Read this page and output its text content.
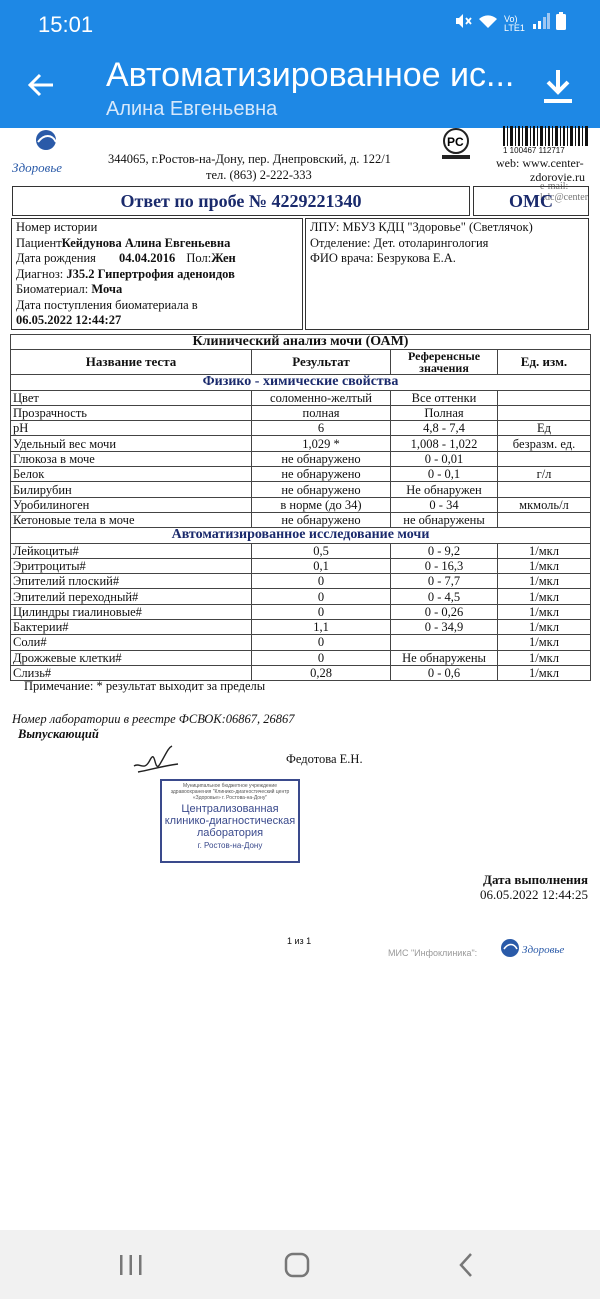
15:01	Vo) LTE1
Автоматизированное ис...
Алина Евгеньевна
Здоровье
344065, г.Ростов-на-Дону, пер. Днепровский, д. 122/1
тел. (863) 2-222-333
PC
1 100467 112717
web: www.center-
zdorovie.ru
e-mail: kdc@center
Ответ по пробе № 4229221340	ОМС
Номер истории
ПациентКейдунова Алина Евгеньевна
Дата рождения 04.04.2016 Пол:Жен
Диагноз: J35.2 Гипертрофия аденоидов
Биоматериал: Моча
Дата поступления биоматериала в
06.05.2022 12:44:27
ЛПУ: МБУЗ КДЦ "Здоровье" (Светлячок)
Отделение: Дет. отоларингология
ФИО врача: Безрукова Е.А.
Клинический анализ мочи (ОАМ)			
Название теста	Результат	Референсные значения	Ед. изм.
Физико - химические свойства			
Цвет	соломенно-желтый	Все оттенки	
Прозрачность	полная	Полная	
pH	6	4,8 - 7,4	Ед
Удельный вес мочи	1,029 *	1,008 - 1,022	безразм. ед.
Глюкоза в моче	не обнаружено	0 - 0,01	
Белок	не обнаружено	0 - 0,1	г/л
Билирубин	не обнаружено	Не обнаружен	
Уробилиноген	в норме (до 34)	0 - 34	мкмоль/л
Кетоновые тела в моче	не обнаружено	не обнаружены	
Автоматизированное исследование мочи			
Лейкоциты#	0,5	0 - 9,2	1/мкл
Эритроциты#	0,1	0 - 16,3	1/мкл
Эпителий плоский#	0	0 - 7,7	1/мкл
Эпителий переходный#	0	0 - 4,5	1/мкл
Цилиндры гиалиновые#	0	0 - 0,26	1/мкл
Бактерии#	1,1	0 - 34,9	1/мкл
Соли#	0		1/мкл
Дрожжевые клетки#	0	Не обнаружены	1/мкл
Слизь#	0,28	0 - 0,6	1/мкл
Примечание: * результат выходит за пределы
Номер лаборатории в реестре ФСВОК:06867, 26867
Выпускающий
Федотова Е.Н.
Муниципальное бюджетное учреждение здравоохранения "Клинико-диагностический центр «Здоровье» г. Ростова-на-Дону"
Централизованная клинико-диагностическая лаборатория
г. Ростов-на-Дону
Дата выполнения
06.05.2022 12:44:25
1 из 1
МИС "Инфоклиника":	Здоровье
